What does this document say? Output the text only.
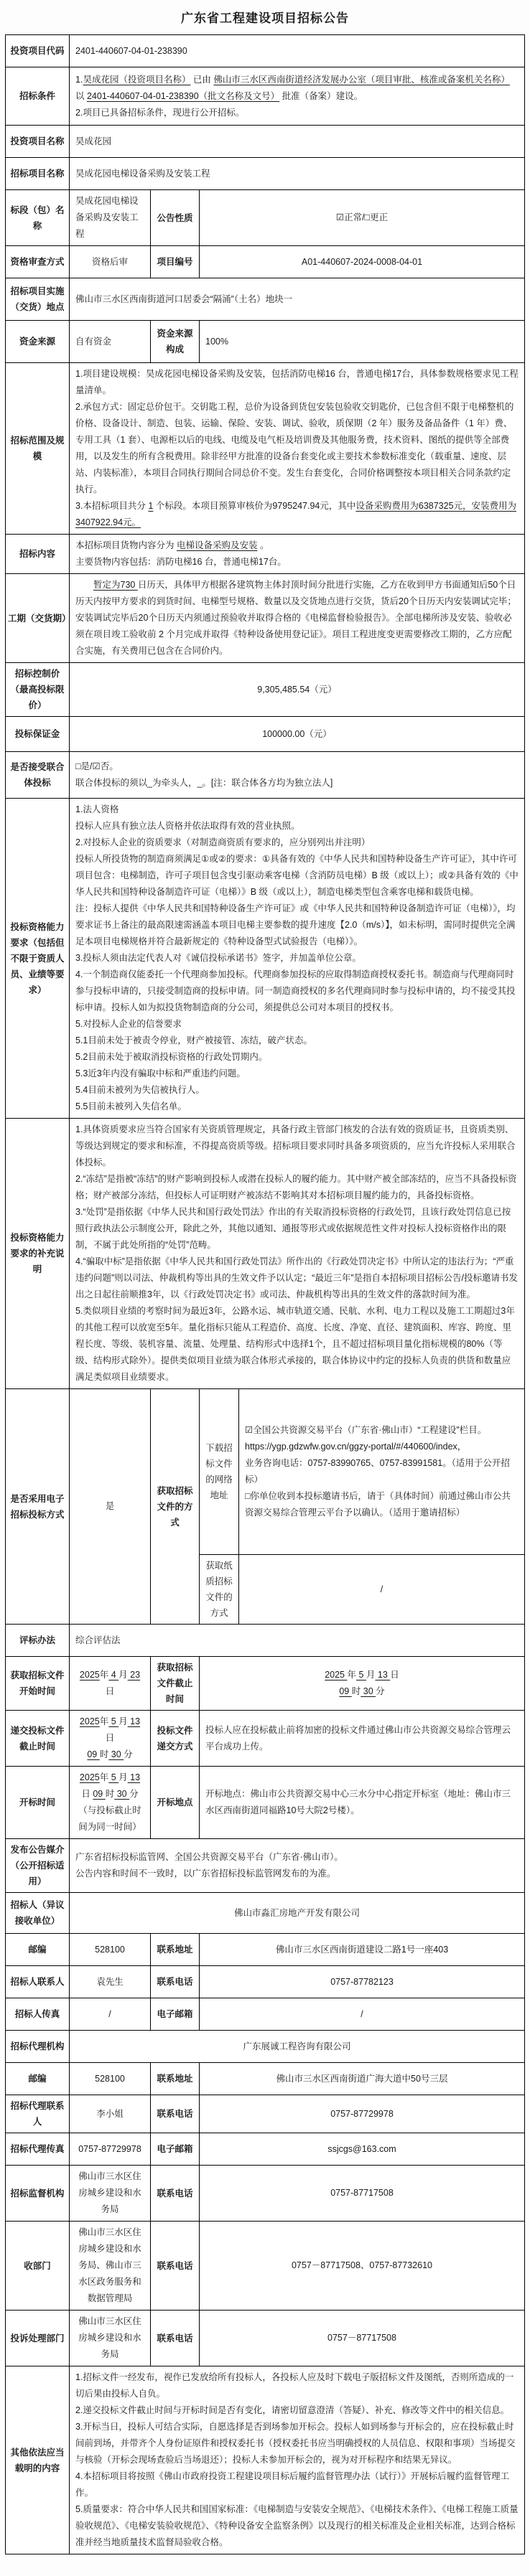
广东省工程建设项目招标公告
投资项目代码	2401-440607-04-01-238390			
招标条件	1.昊成花园（投资项目名称） 已由 佛山市三水区西南街道经济发展办公室（项目审批、核准或备案机关名称） 以 2401-440607-04-01-238390（批文名称及文号） 批准（备案）建设。
2.项目已具备招标条件，现进行公开招标。			

投资项目名称	昊成花园			
招标项目名称	昊成花园电梯设备采购及安装工程			
标段（包）名称	昊成花园电梯设备采购及安装工程	公告性质	☑正常/□更正	
资格审查方式	资格后审	项目编号	A01-440607-2024-0008-04-01	
招标项目实施（交货）地点	佛山市三水区西南街道河口居委会“隔涌”（土名）地块一			
资金来源	自有资金	资金来源构成	100%	
招标范围及规模	1.项目建设规模：昊成花园电梯设备采购及安装，包括消防电梯16 台，普通电梯17台，具体参数规格要求见工程量清单。
2.承包方式：固定总价包干。交钥匙工程，总价为设备到货包安装包验收交钥匙价，已包含但不限于电梯整机的价格、设备设计、制造、包装、运输、保险、安装、调试、验收，质保期（2 年）服务及备品备件（1 年）费、专用工具（1 套）、电源柜以后的电线、电缆及电气柜及培训费及其他服务费，技术资料、图纸的提供等全部费用，以及发生的所有含税费用。除非经甲方批准的设备台套变化或主要技术参数标准变化（载重量、速度、层站、内装标准），本项目合同执行期间合同总价不变。发生台套变化，合同价格调整按本项目相关合同条款约定执行。
3.本招标项目共分 1 个标段。本项目预算审核价为9795247.94元，其中设备采购费用为6387325元，安装费用为3407922.94元。			

招标内容	本招标项目货物内容分为 电梯设备采购及安装 。
主要货物内容包括：消防电梯16 台，普通电梯17台。			

工期（交货期）	暂定为730 日历天，具体甲方根据各建筑物主体封顶时间分批进行实施，乙方在收到甲方书面通知后50个日历天内按甲方要求的到货时间、电梯型号规格、数量以及交货地点进行交货，货后20个日历天内安装调试完毕；安装调试完毕后20个日历天内须通过预验收并取得合格的《电梯监督检验报告》。全部电梯所涉及安装、验收必须在项目竣工验收前 2 个月完成并取得《特种设备使用登记证》。项目工程进度变更需要修改工期的，乙方应配合实施，有关费用已包含在合同价内。			

招标控制价（最高投标限价）	9,305,485.54（元）			
投标保证金	100000.00（元）			
是否接受联合体投标	□是/☑否。
联合体投标的须以_为牵头人，_。[注：联合体各方均为独立法人]			

投标资格能力要求（包括但不限于资质人员、业绩等要求）	
1.法人资格
投标人应具有独立法人资格并依法取得有效的营业执照。
2.对投标人企业的资质要求（对制造商资质有要求的，应分别列出并注明）
投标人所投货物的制造商须满足①或②的要求：①具备有效的《中华人民共和国特种设备生产许可证》，其中许可项目包含：电梯制造，许可子项目包含曳引驱动乘客电梯（含消防员电梯）B 级（或以上）；或②具备有效的《中华人民共和国特种设备制造许可证（电梯）》B 级（或以上），制造电梯类型包含乘客电梯和载货电梯。
注：投标人提供《中华人民共和国特种设备生产许可证》或《中华人民共和国特种设备制造许可证（电梯）》，均要求证书上备注的最高限速需涵盖本项目电梯主要参数的提升速度【2.0（m/s）】，如未标明，需同时提供完全满足本项目电梯规格并符合最新规定的《特种设备型式试验报告（电梯）》。
3.投标人须由法定代表人对《诚信投标承诺书》签字，并加盖单位公章。
4.一个制造商仅能委托一个代理商参加投标。代理商参加投标的应取得制造商授权委托书。制造商与代理商同时参与投标申请的，只接受制造商的投标申请。同一制造商授权的多名代理商同时参与投标申请的，均不接受其投标申请。投标人如为拟投货物制造商的分公司，须提供总公司对本项目的授权书。
5.对投标人企业的信誉要求
5.1目前未处于被责令停业，财产被接管、冻结，破产状态。
5.2目前未处于被取消投标资格的行政处罚期内。
5.3近3年内没有骗取中标和严重违约问题。
5.4目前未被列为失信被执行人。
5.5目前未被列入失信名单。

投标资格能力要求的补充说明	1.具体资质要求应当符合国家有关资质管理规定，具备行政主管部门核发的合法有效的资质证书，且资质类别、等级达到规定的要求和标准，不得提高资质等级。招标项目要求同时具备多项资质的，应当允许投标人采用联合体投标。
2.“冻结”是指被“冻结”的财产影响到投标人或潜在投标人的履约能力。其中财产被全部冻结的，应当不具备投标资格；财产被部分冻结，但投标人可证明财产被冻结不影响其对本招标项目履约能力的，具备投标资格。
3.“处罚”是指依据《中华人民共和国行政处罚法》作出的有关取消投标资格的行政处罚，且该行政处罚信息已按照行政执法公示制度公开，除此之外，其他以通知、通报等形式或依据规范性文件对投标人投标资格作出的限制，不属于此处所指的“处罚”范畴。
4.“骗取中标”是指依据《中华人民共和国行政处罚法》所作出的《行政处罚决定书》中所认定的违法行为；“严重违约问题”则以司法、仲裁机构等出具的生效文件予以认定；“最近三年”是指自本招标项目招标公告/投标邀请书发出之日起往前顺推3年，以《行政处罚决定书》或司法、仲裁机构等出具的生效文件的落款时间为准。
5.类似项目业绩的考察时间为最近3年，公路水运、城市轨道交通、民航、水利、电力工程以及施工工期超过3年的其他工程可以放宽至5年。量化指标只能从工程造价、高度、长度、净宽、直径、建筑面积、库容、跨度、里程长度、等级、装机容量、流量、处理量、结构形式中选择1个，且不超过招标项目量化指标规模的80%（等级、结构形式除外）。提供类似项目业绩为联合体形式承接的，联合体协议中约定的投标人负责的供货和数量应满足类似项目业绩要求。			

是否采用电子招标投标方式	是	获取招标文件的方式	下载招标文件的网络地址	☑全国公共资源交易平台（广东省·佛山市）“工程建设”栏目。
https://ygp.gdzwfw.gov.cn/ggzy-portal/#/440600/index，
业务咨询电话：0757-83990765、0757-83991581。（适用于公开招标）
□你单位收到本投标邀请书后，请于（具体时间）前通过佛山市公共资源交易综合管理云平台予以确认。（适用于邀请招标）

			获取纸质招标文件的方式	/
评标办法	综合评估法			
获取招标文件开始时间	2025年 4 月 23 日	获取招标文件截止时间	2025 年 5 月 13 日
09 时 30 分	

递交投标文件截止时间	2025年 5 月 13 日
09 时 30 分	投标文件递交方式	投标人应在投标截止前将加密的投标文件通过佛山市公共资源交易综合管理云平台成功上传。	
开标时间	2025年 5 月 13 日 09 时 30 分（与投标截止时间为同一时间）	开标地点	开标地点：佛山市公共资源交易中心三水分中心指定开标室（地址：佛山市三水区西南街道同福路10号大院2号楼）。	
发布公告媒介（公开招标适用）	广东省招标投标监管网、全国公共资源交易平台（广东省·佛山市）。
公告内容和时间不一致时，以广东省招标投标监管网发布的为准。			

招标人（异议接收单位）	佛山市淼汇房地产开发有限公司			
邮编	528100	联系地址	佛山市三水区西南街道建设二路1号一座403	
招标人联系人	袁先生	联系电话	0757-87782123	
招标人传真	/	电子邮箱	/	
招标代理机构	广东展诚工程咨询有限公司			
邮编	528100	联系地址	佛山市三水区西南街道广海大道中50号三层	
招标代理联系人	李小姐	联系电话	0757-87729978	
招标代理传真	0757-87729978	电子邮箱	ssjcgs@163.com	
招标监督机构	佛山市三水区住房城乡建设和水务局	联系电话	0757-87717508	
收部门	佛山市三水区住房城乡建设和水务局、佛山市三水区政务服务和数据管理局	联系电话	0757－87717508、0757-87732610	
投诉处理部门	佛山市三水区住房城乡建设和水务局	联系电话	0757－87717508	
其他依法应当载明的内容	1.招标文件一经发布，视作已发放给所有投标人，各投标人应及时下载电子版招标文件及图纸，否则所造成的一切后果由投标人自负。
2.递交投标文件截止时间与开标时间是否有变化，请密切留意澄清（答疑）、补充、修改等文件中的相关信息。
3.开标当日，投标人可结合实际，自愿选择是否到场参加开标会。投标人如到场参与开标会的，应在投标截止时间前到场，并带齐个人身份证原件和授权委托书（授权委托书应当明确授权的人员信息、权限和事项）当场提交与核验（开标会现场查验后当场退还）；投标人未参加开标会的，视为对开标程序和结果无异议。
4.本招标项目将按照《佛山市政府投资工程建设项目标后履约监督管理办法（试行）》开展标后履约监督管理工作。
5.质量要求：符合中华人民共和国国家标准：《电梯制造与安装安全规范》、《电梯技术条件》、《电梯工程施工质量验收规范》、《电梯安装验收规范》、《特种设备安全监察条例》以及现行的相关标准及企业相关标准，达到合格标准并经当地质量技术监督局验收合格。			
